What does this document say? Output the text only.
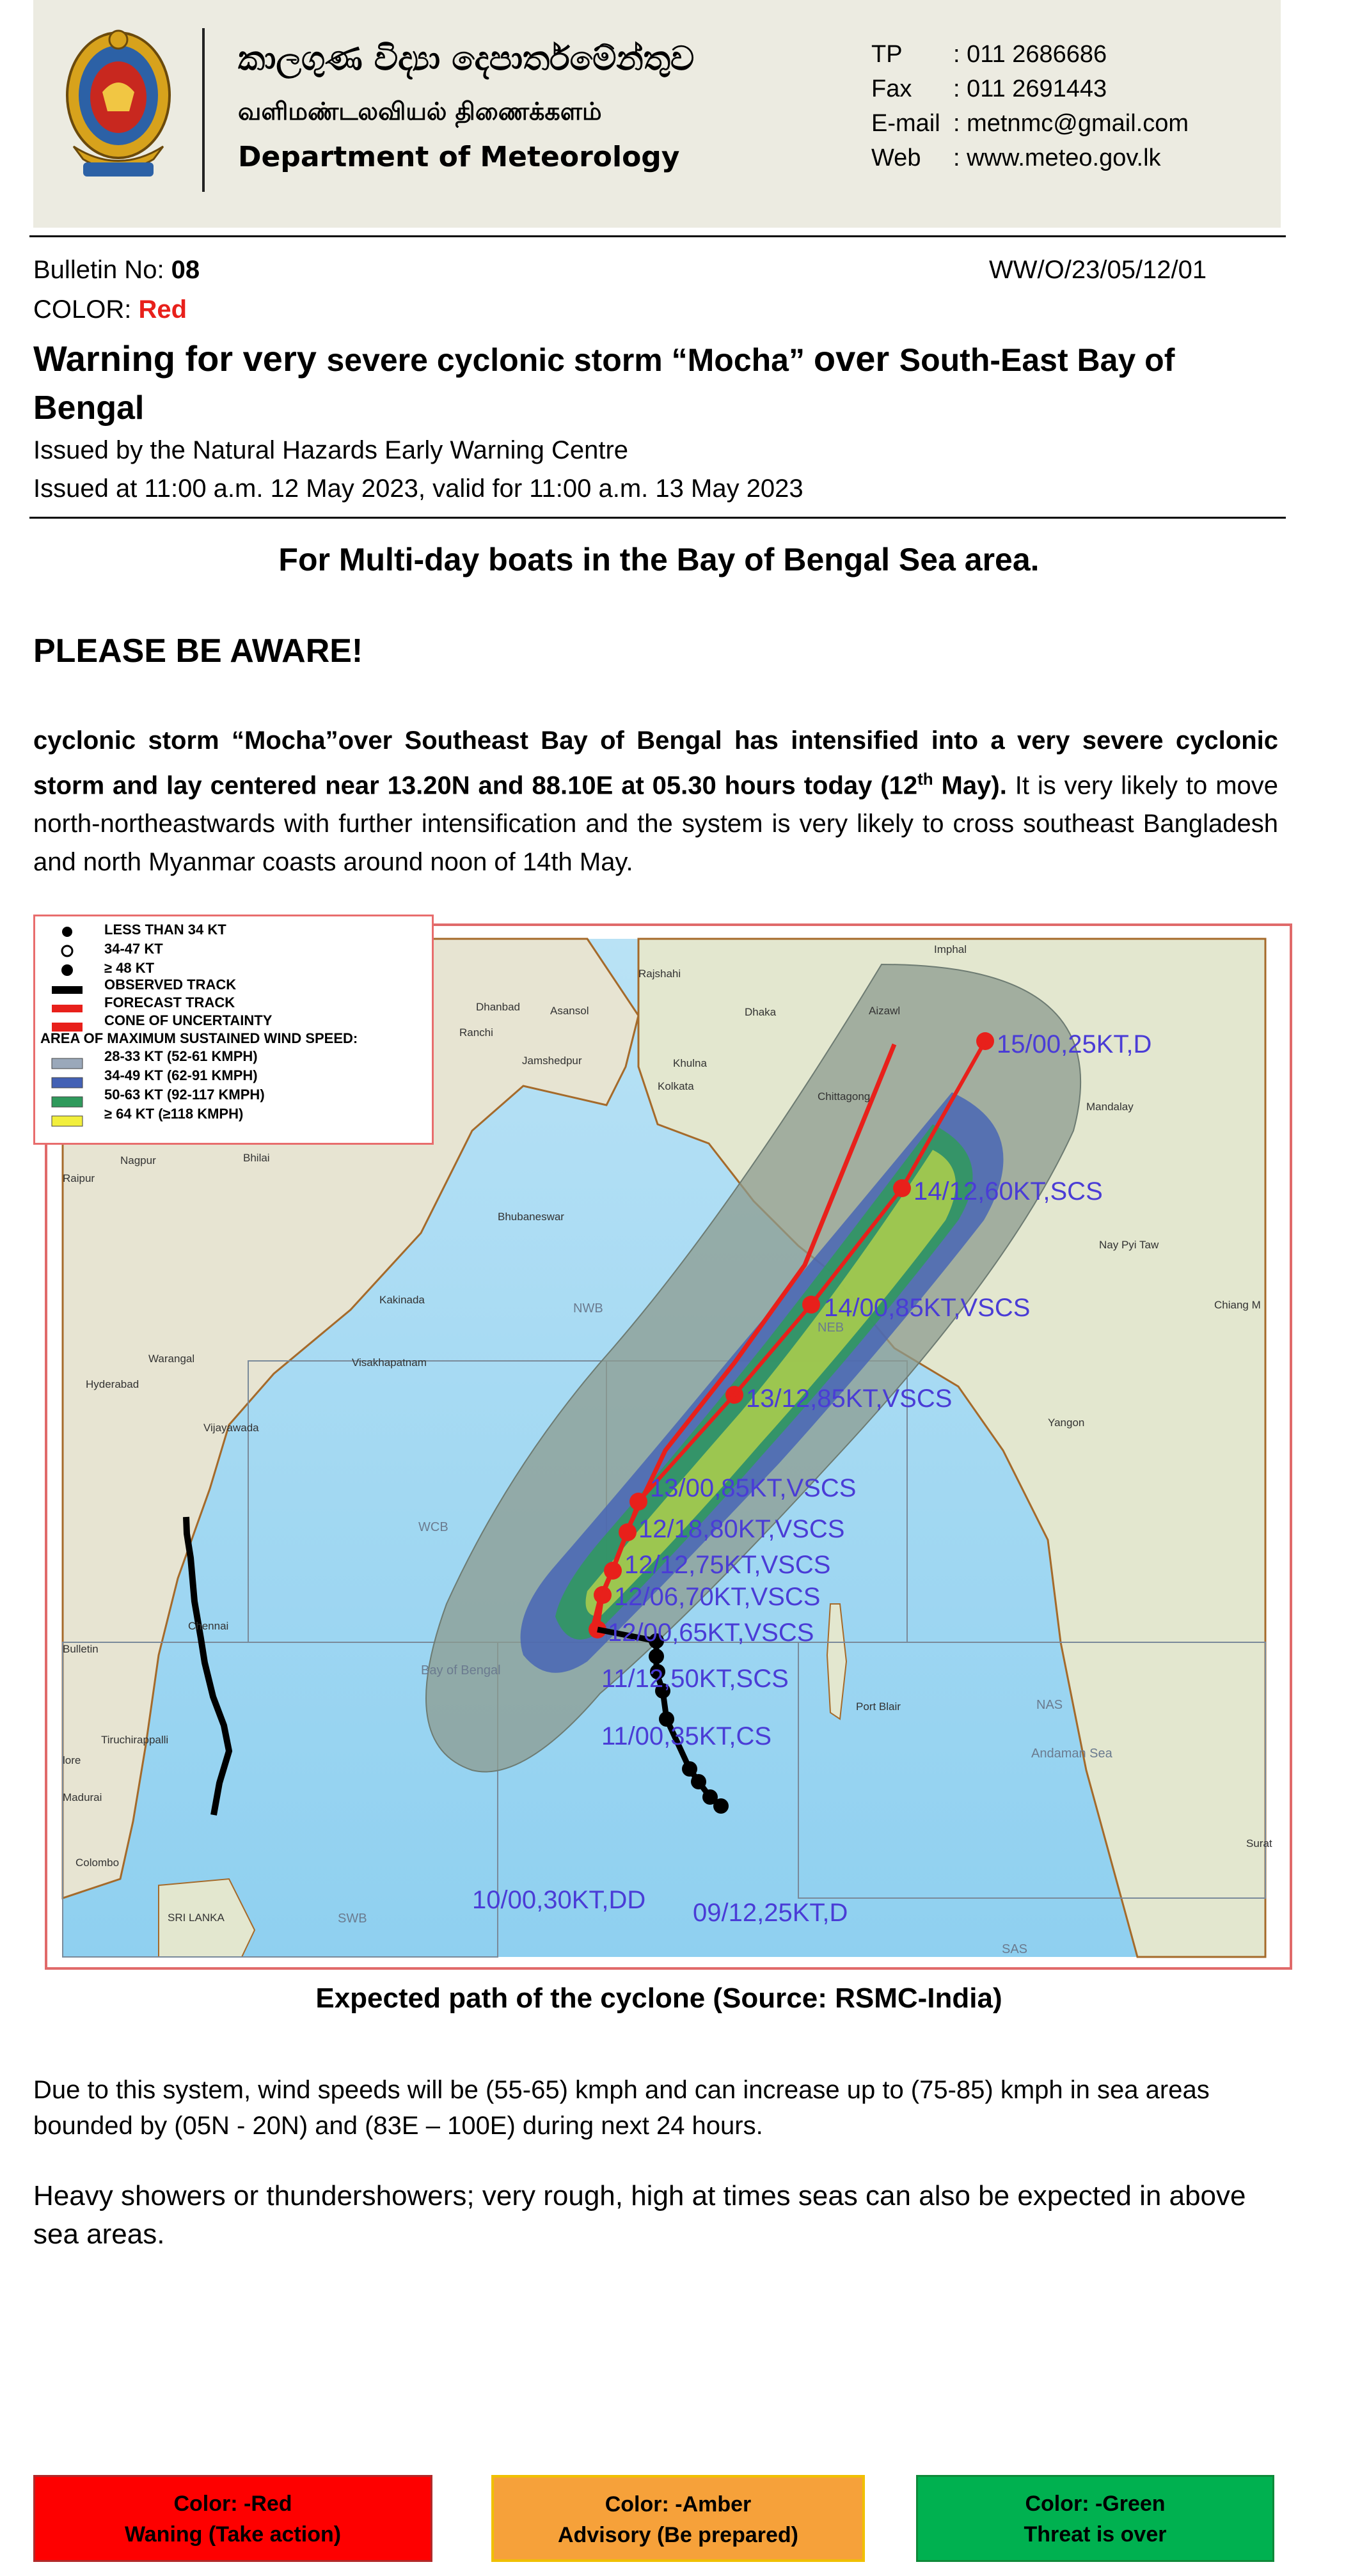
කාලගුණ විද්‍යා දෙපාර්තමේන්තුව
வளிமண்டலவியல் திணைக்களம்
Department of Meteorology
TP : 011 2686686
Fax : 011 2691443
E-mail : metnmc@gmail.com
Web : www.meteo.gov.lk
Bulletin No: 08	WW/O/23/05/12/01
COLOR: Red
Warning for very severe cyclonic storm “Mocha” over South-East Bay of
Bengal
Issued by the Natural Hazards Early Warning Centre
Issued at 11:00 a.m. 12 May 2023, valid for 11:00 a.m. 13 May 2023
For Multi-day boats in the Bay of Bengal Sea area.
PLEASE BE AWARE!
cyclonic storm “Mocha”over Southeast Bay of Bengal has intensified into a very severe cyclonic storm and lay centered near 13.20N and 88.10E at 05.30 hours today (12th May). It is very likely to move north-northeastwards with further intensification and the system is very likely to cross southeast Bangladesh and north Myanmar coasts around noon of 14th May.
15/00,25KT,D
14/12,60KT,SCS
14/00,85KT,VSCS
13/12,85KT,VSCS
13/00,85KT,VSCS
12/18,80KT,VSCS
12/12,75KT,VSCS
12/06,70KT,VSCS
12/00,65KT,VSCS
11/12,50KT,SCS
11/00,35KT,CS
10/00,30KT,DD 09/12,25KT,D
Imphal
Rajshahi
Dhaka	Aizawl
Dhanbad	Asansol
Ranchi
Jamshedpur	Khulna
Kolkata
Chittagong
Mandalay
Nagpur	Bhilai
Raipur
Bhubaneswar
Nay Pyi Taw
Chiang M
Warangal
Hyderabad
Visakhapatnam
Vijayawada	Yangon
Chennai
Bulletin
Tiruchirappalli
Madurai
Colombo
SRI LANKA
Port Blair
Surat
Kakinada
lore
NWB
NEB
WCB
Bay of Bengal
NAS
Andaman Sea
SWB
SAS
LESS THAN 34 KT
34-47 KT
≥ 48 KT
OBSERVED TRACK
FORECAST TRACK
CONE OF UNCERTAINTY
AREA OF MAXIMUM SUSTAINED WIND SPEED:
28-33 KT (52-61 KMPH)
34-49 KT (62-91 KMPH)
50-63 KT (92-117 KMPH)
≥ 64 KT (≥118 KMPH)
Expected path of the cyclone (Source: RSMC-India)
Due to this system, wind speeds will be (55-65) kmph and can increase up to (75-85) kmph in sea areas bounded by (05N - 20N) and (83E – 100E) during next 24 hours.
Heavy showers or thundershowers; very rough, high at times seas can also be expected in above sea areas.
Color: -Red
Waning (Take action)
Color: -Amber
Advisory (Be prepared)
Color: -Green
Threat is over
